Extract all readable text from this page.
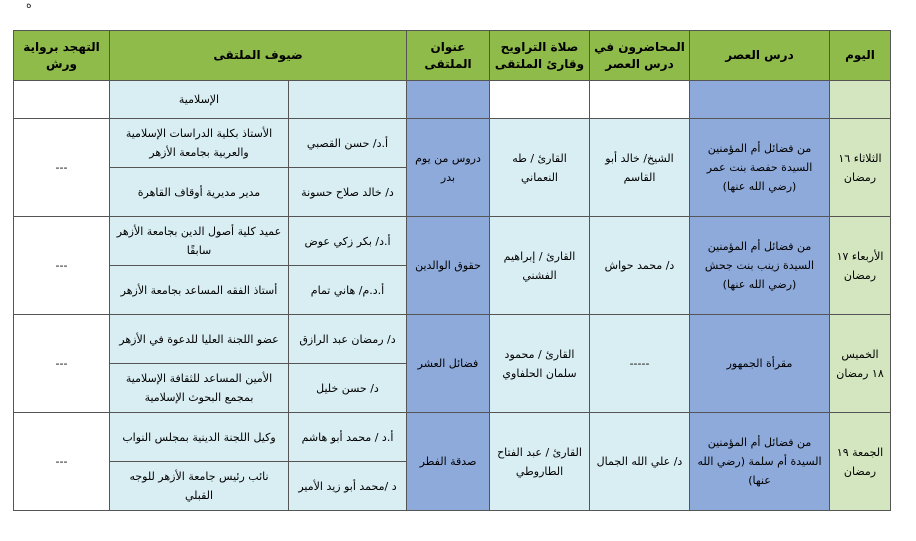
ه
اليوم	درس العصر	المحاضرون في درس العصر	صلاة التراويح وقارئ الملتقى	عنوان الملتقى	ضيوف الملتقى		التهجد برواية ورش
						الإسلامية	
الثلاثاء ١٦ رمضان	من فضائل أم المؤمنين السيدة حفصة بنت عمر (رضي الله عنها)	الشيخ/ خالد أبو القاسم	القارئ / طه النعماني	دروس من يوم بدر	أ.د/ حسن القصبي	الأستاذ بكلية الدراسات الإسلامية والعربية بجامعة الأزهر	---
					د/ خالد صلاح حسونة	مدير مديرية أوقاف القاهرة	
الأربعاء ١٧ رمضان	من فضائل أم المؤمنين السيدة زينب بنت جحش (رضي الله عنها)	د/ محمد حواش	القارئ / إبراهيم الفشني	حقوق الوالدين	أ.د/ بكر زكي عوض	عميد كلية أصول الدين بجامعة الأزهر سابقًا	---
					أ.د.م/ هاني تمام	أستاذ الفقه المساعد بجامعة الأزهر	
الخميس ١٨ رمضان	مقرأة الجمهور	-----	القارئ / محمود سلمان الحلفاوي	فضائل العشر	د/ رمضان عبد الرازق	عضو اللجنة العليا للدعوة في الأزهر	---
					د/ حسن خليل	الأمين المساعد للثقافة الإسلامية بمجمع البحوث الإسلامية	
الجمعة ١٩ رمضان	من فضائل أم المؤمنين السيدة أم سلمة (رضي الله عنها)	د/ علي الله الجمال	القارئ / عبد الفتاح الطاروطي	صدقة الفطر	أ.د / محمد أبو هاشم	وكيل اللجنة الدينية بمجلس النواب	---
					د /محمد أبو زيد الأمير	نائب رئيس جامعة الأزهر للوجه القبلي	
